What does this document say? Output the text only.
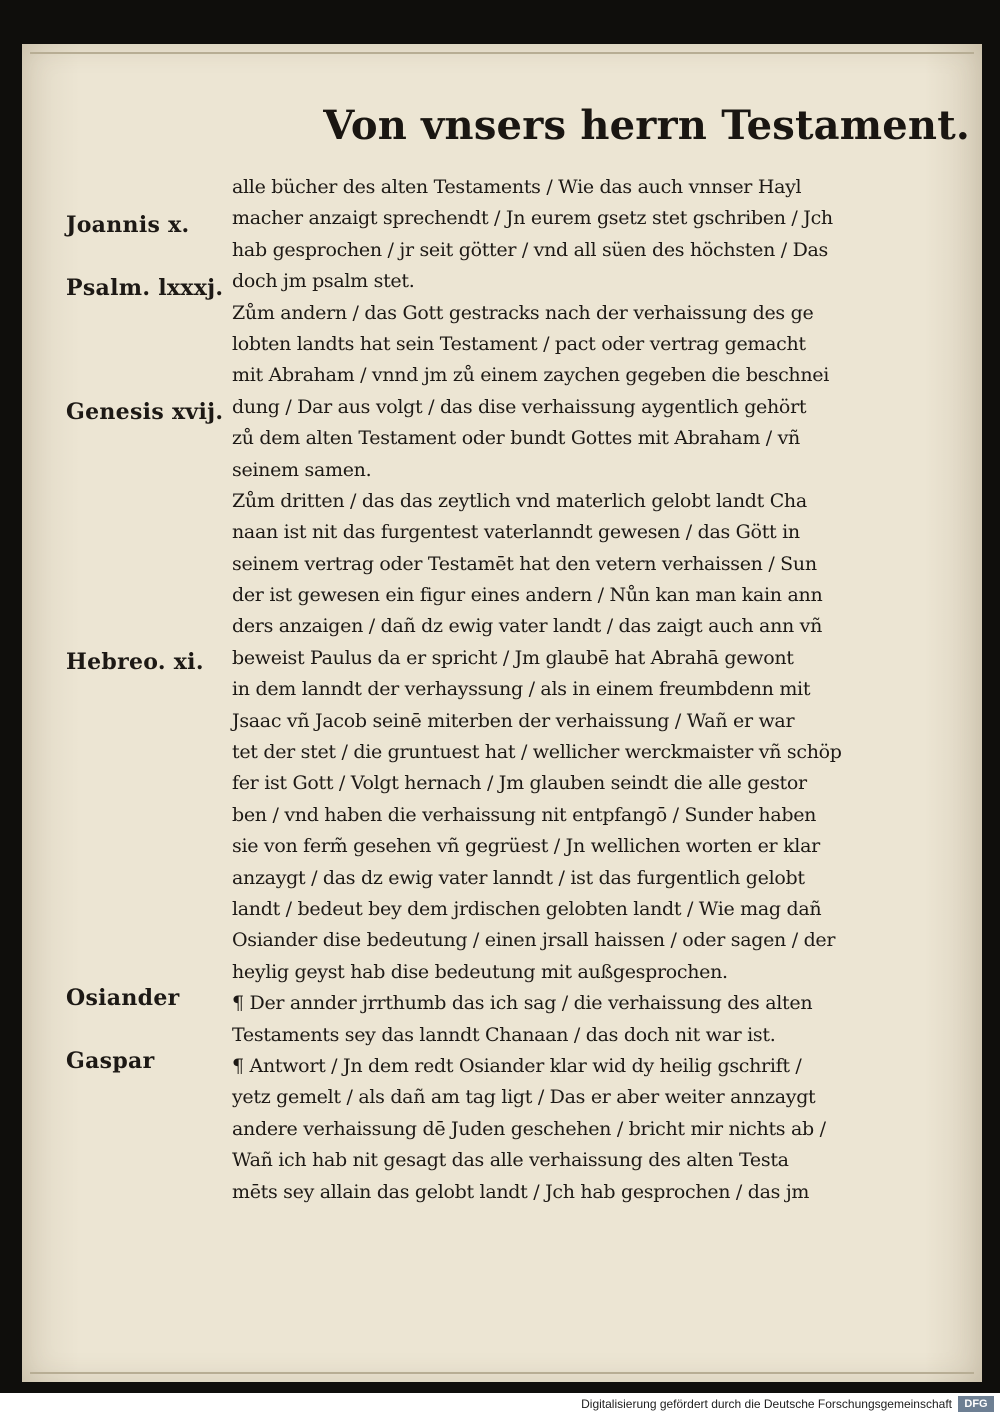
Von vnsers herrn Testament.
Joannis x.
Psalm. lxxxj.
Genesis xvij.
Hebreo. xi.
Osiander
Gaspar
alle bücher des alten Testaments / Wie das auch vnnser Hayl
macher anzaigt sprechendt / Jn eurem gsetz stet gschriben / Jch
hab gesprochen / jr seit götter / vnd all süen des höchsten / Das
doch jm psalm stet.
Zům andern / das Gott gestracks nach der verhaissung des ge
lobten landts hat sein Testament / pact oder vertrag gemacht
mit Abraham / vnnd jm zů einem zaychen gegeben die beschnei
dung / Dar aus volgt / das dise verhaissung aygentlich gehört
zů dem alten Testament oder bundt Gottes mit Abraham / vñ
seinem samen.
Zům dritten / das das zeytlich vnd materlich gelobt landt Cha
naan ist nit das furgentest vaterlanndt gewesen / das Gött in
seinem vertrag oder Testamēt hat den vetern verhaissen / Sun
der ist gewesen ein figur eines andern / Nůn kan man kain ann
ders anzaigen / dañ dz ewig vater landt / das zaigt auch ann vñ
beweist Paulus da er spricht / Jm glaubē hat Abrahā gewont
in dem lanndt der verhayssung / als in einem freumbdenn mit
Jsaac vñ Jacob seinē miterben der verhaissung / Wañ er war
tet der stet / die gruntuest hat / wellicher werckmaister vñ schöp
fer ist Gott / Volgt hernach / Jm glauben seindt die alle gestor
ben / vnd haben die verhaissung nit entpfangō / Sunder haben
sie von ferm̃ gesehen vñ gegrüest / Jn wellichen worten er klar
anzaygt / das dz ewig vater lanndt / ist das furgentlich gelobt
landt / bedeut bey dem jrdischen gelobten landt / Wie mag dañ
Osiander dise bedeutung / einen jrsall haissen / oder sagen / der
heylig geyst hab dise bedeutung mit außgesprochen.
¶ Der annder jrrthumb das ich sag / die verhaissung des alten
Testaments sey das lanndt Chanaan / das doch nit war ist.
¶ Antwort / Jn dem redt Osiander klar wid dy heilig gschrift /
yetz gemelt / als dañ am tag ligt / Das er aber weiter annzaygt
andere verhaissung dē Juden geschehen / bricht mir nichts ab /
Wañ ich hab nit gesagt das alle verhaissung des alten Testa
mēts sey allain das gelobt landt / Jch hab gesprochen / das jm
Digitalisierung gefördert durch die Deutsche Forschungsgemeinschaft	DFG
